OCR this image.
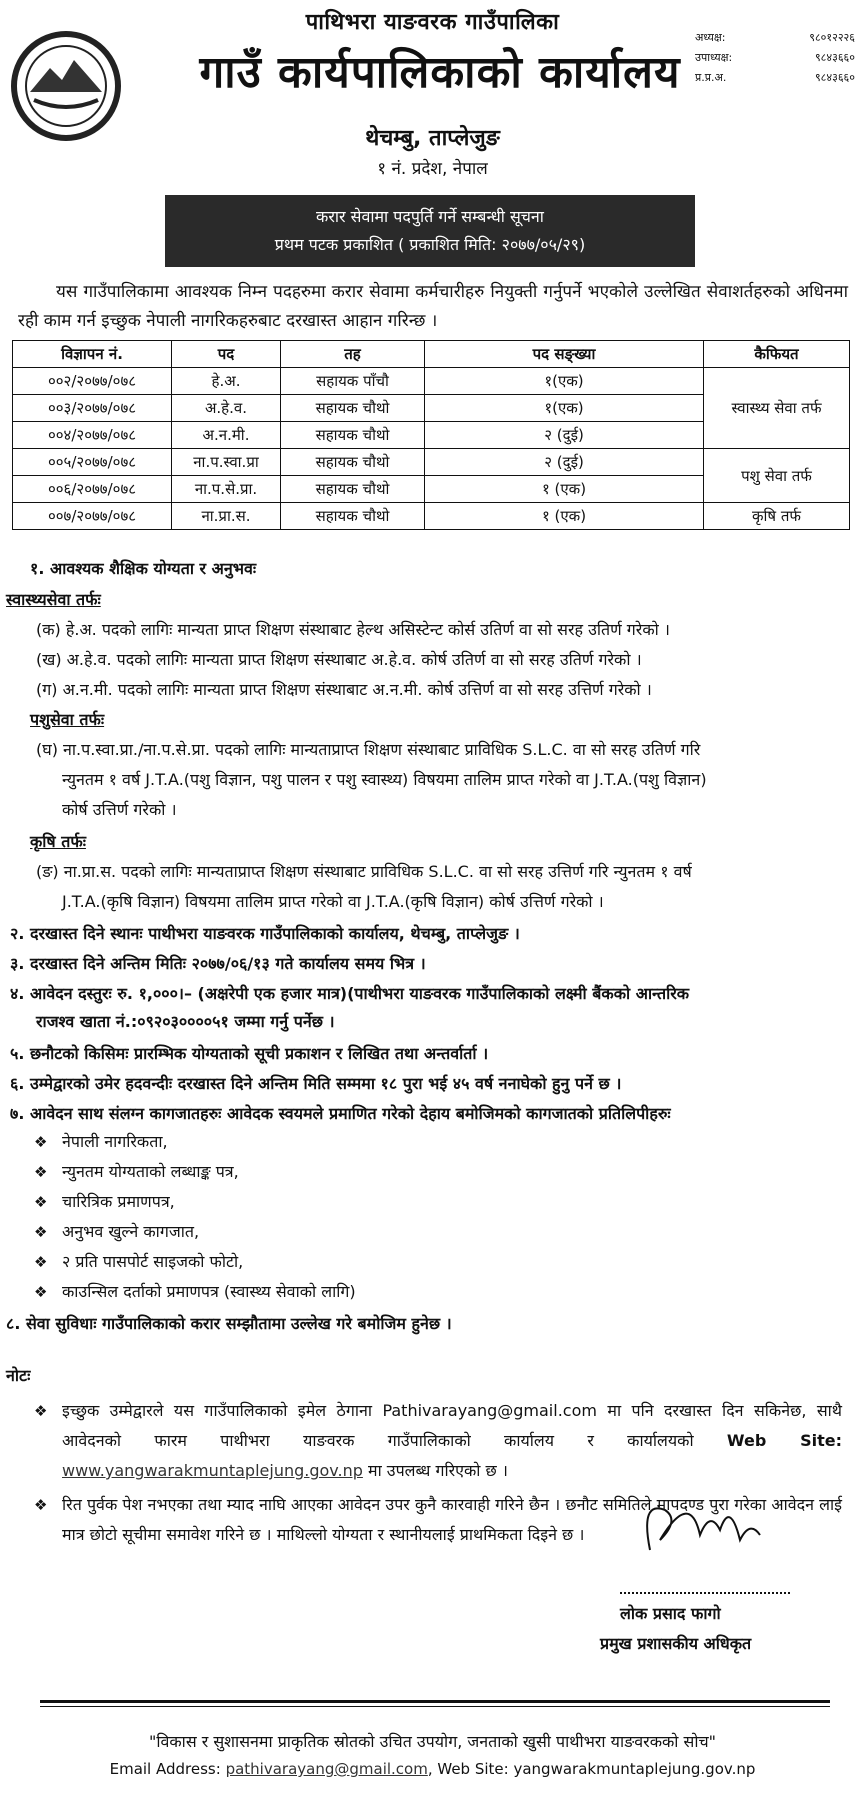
पाथिभरा याङवरक गाउँपालिका
गाउँ कार्यपालिकाको कार्यालय
थेचम्बु, ताप्लेजुङ
१ नं. प्रदेश, नेपाल
अध्यक्ष:	९८०१२२२६
उपाध्यक्ष:	९८४३६६०
प्र.प्र.अ.	९८४३६६०
करार सेवामा पदपुर्ति गर्ने सम्बन्धी सूचना
प्रथम पटक प्रकाशित ( प्रकाशित मिति: २०७७/०५/२९)
यस गाउँपालिकामा आवश्यक निम्न पदहरुमा करार सेवामा कर्मचारीहरु नियुक्ती गर्नुपर्ने भएकोले उल्लेखित सेवाशर्तहरुको अधिनमा रही काम गर्न इच्छुक नेपाली नागरिकहरुबाट दरखास्त आहान गरिन्छ ।
विज्ञापन नं.	पद	तह	पद सङ्ख्या	कैफियत
००२/२०७७/०७८	हे.अ.	सहायक पाँचौ	१(एक)	स्वास्थ्य सेवा तर्फ
००३/२०७७/०७८	अ.हे.व.	सहायक चौथो	१(एक)	
००४/२०७७/०७८	अ.न.मी.	सहायक चौथो	२ (दुई)	
००५/२०७७/०७८	ना.प.स्वा.प्रा	सहायक चौथो	२ (दुई)	पशु सेवा तर्फ
००६/२०७७/०७८	ना.प.से.प्रा.	सहायक चौथो	१ (एक)	
००७/२०७७/०७८	ना.प्रा.स.	सहायक चौथो	१ (एक)	कृषि तर्फ
१. आवश्यक शैक्षिक योग्यता र अनुभवः
स्वास्थ्यसेवा तर्फः
(क) हे.अ. पदको लागिः मान्यता प्राप्त शिक्षण संस्थाबाट हेल्थ असिस्टेन्ट कोर्स उतिर्ण वा सो सरह उतिर्ण गरेको ।
(ख) अ.हे.व. पदको लागिः मान्यता प्राप्त शिक्षण संस्थाबाट अ.हे.व. कोर्ष उतिर्ण वा सो सरह उतिर्ण गरेको ।
(ग) अ.न.मी. पदको लागिः मान्यता प्राप्त शिक्षण संस्थाबाट अ.न.मी. कोर्ष उत्तिर्ण वा सो सरह उत्तिर्ण गरेको ।
पशुसेवा तर्फः
(घ) ना.प.स्वा.प्रा./ना.प.से.प्रा. पदको लागिः मान्यताप्राप्त शिक्षण संस्थाबाट प्राविधिक S.L.C. वा सो सरह उतिर्ण गरि
न्युनतम १ वर्ष J.T.A.(पशु विज्ञान, पशु पालन र पशु स्वास्थ्य) विषयमा तालिम प्राप्त गरेको वा J.T.A.(पशु विज्ञान)
कोर्ष उत्तिर्ण गरेको ।
कृषि तर्फः
(ङ) ना.प्रा.स. पदको लागिः मान्यताप्राप्त शिक्षण संस्थाबाट प्राविधिक S.L.C. वा सो सरह उत्तिर्ण गरि न्युनतम १ वर्ष
J.T.A.(कृषि विज्ञान) विषयमा तालिम प्राप्त गरेको वा J.T.A.(कृषि विज्ञान) कोर्ष उत्तिर्ण गरेको ।
२. दरखास्त दिने स्थानः पाथीभरा याङवरक गाउँपालिकाको कार्यालय, थेचम्बु, ताप्लेजुङ ।
३. दरखास्त दिने अन्तिम मितिः २०७७/०६/१३ गते कार्यालय समय भित्र ।
४. आवेदन दस्तुरः रु. १,०००।– (अक्षरेपी एक हजार मात्र)(पाथीभरा याङवरक गाउँपालिकाको लक्ष्मी बैंकको आन्तरिक
राजश्व खाता नं.:०९२०३००००५१ जम्मा गर्नु पर्नेछ ।
५. छनौटको किसिमः प्रारम्भिक योग्यताको सूची प्रकाशन र लिखित तथा अन्तर्वार्ता ।
६. उम्मेद्वारको उमेर हदवन्दीः दरखास्त दिने अन्तिम मिति सम्ममा १८ पुरा भई ४५ वर्ष ननाघेको हुनु पर्ने छ ।
७. आवेदन साथ संलग्न कागजातहरुः आवेदक स्वयमले प्रमाणित गरेको देहाय बमोजिमको कागजातको प्रतिलिपीहरुः
❖ नेपाली नागरिकता,
❖ न्युनतम योग्यताको लब्धाङ्क पत्र,
❖ चारित्रिक प्रमाणपत्र,
❖ अनुभव खुल्ने कागजात,
❖ २ प्रति पासपोर्ट साइजको फोटो,
❖ काउन्सिल दर्ताको प्रमाणपत्र (स्वास्थ्य सेवाको लागि)
८. सेवा सुविधाः गाउँपालिकाको करार सम्झौतामा उल्लेख गरे बमोजिम हुनेछ ।
नोटः
❖ इच्छुक उम्मेद्वारले यस गाउँपालिकाको इमेल ठेगाना Pathivarayang@gmail.com मा पनि दरखास्त दिन सकिनेछ, साथै आवेदनको फारम पाथीभरा याङवरक गाउँपालिकाको कार्यालय र कार्यालयको Web Site: www.yangwarakmuntaplejung.gov.np मा उपलब्ध गरिएको छ ।
❖ रित पुर्वक पेश नभएका तथा म्याद नाघि आएका आवेदन उपर कुनै कारवाही गरिने छैन । छनौट समितिले मापदण्ड पुरा गरेका आवेदन लाई मात्र छोटो सूचीमा समावेश गरिने छ । माथिल्लो योग्यता र स्थानीयलाई प्राथमिकता दिइने छ ।
लोक प्रसाद फागो
प्रमुख प्रशासकीय अधिकृत
"विकास र सुशासनमा प्राकृतिक स्रोतको उचित उपयोग, जनताको खुसी पाथीभरा याङवरकको सोच"
Email Address: pathivarayang@gmail.com, Web Site: yangwarakmuntaplejung.gov.np
